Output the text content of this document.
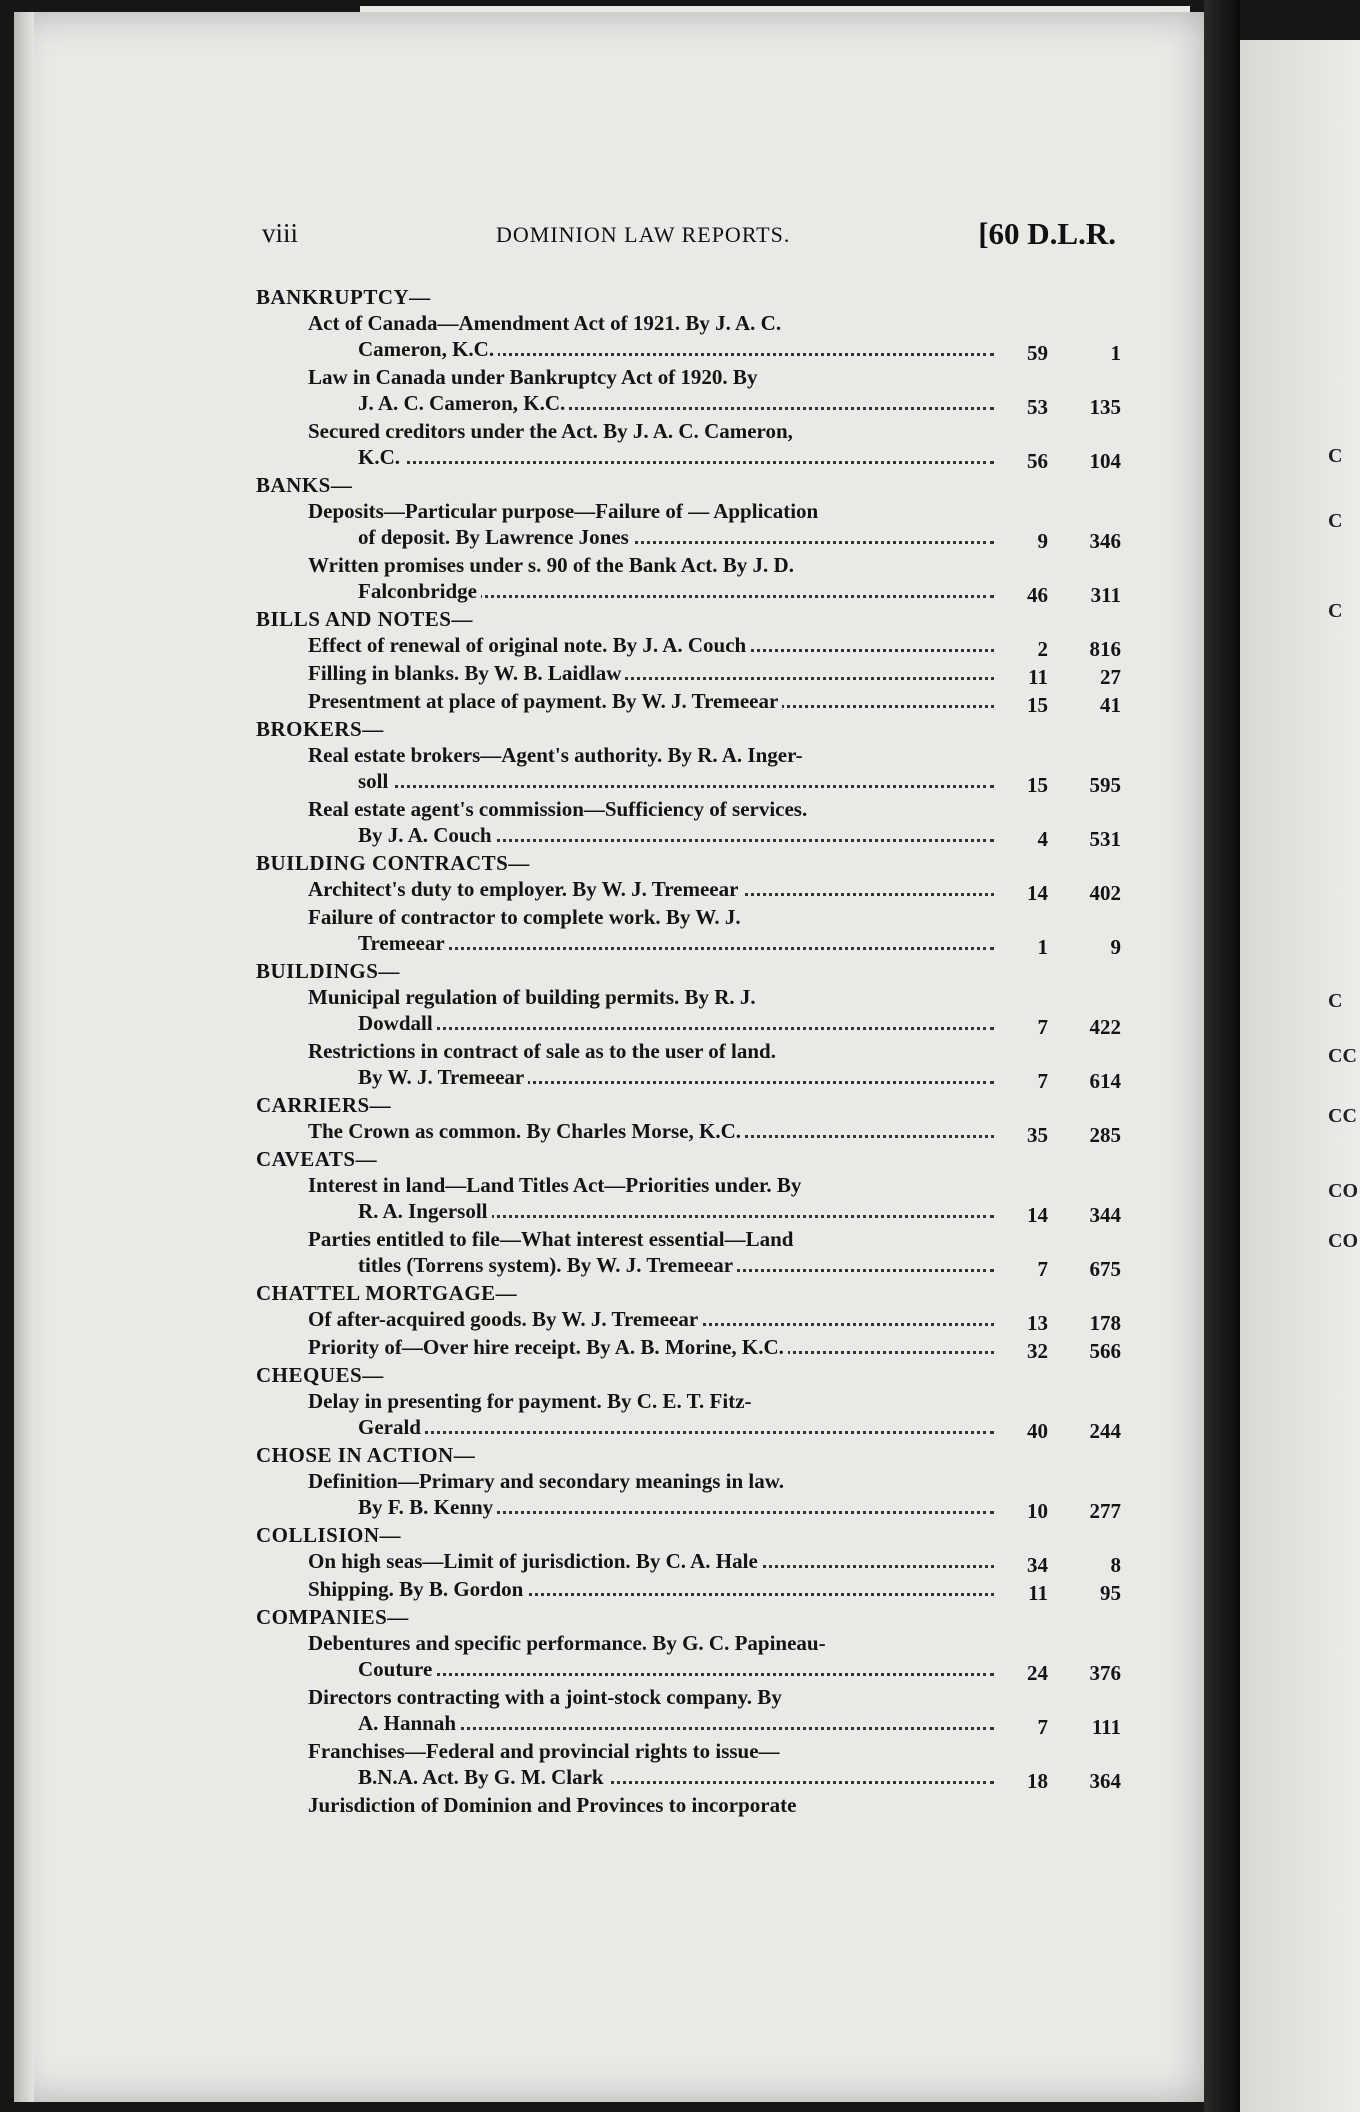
C
C
C
C
CC
CC
CO
CO
viii	DOMINION LAW REPORTS.	[60 D.L.R.
BANKRUPTCY—
Act of Canada—Amendment Act of 1921. By J. A. C.
Cameron, K.C.	59	1
Law in Canada under Bankruptcy Act of 1920. By
J. A. C. Cameron, K.C.	53	135
Secured creditors under the Act. By J. A. C. Cameron,
K.C.	56	104
BANKS—
Deposits—Particular purpose—Failure of — Application
of deposit. By Lawrence Jones	9	346
Written promises under s. 90 of the Bank Act. By J. D.
Falconbridge	46	311
BILLS AND NOTES—
Effect of renewal of original note. By J. A. Couch	2	816
Filling in blanks. By W. B. Laidlaw	11	27
Presentment at place of payment. By W. J. Tremeear	15	41
BROKERS—
Real estate brokers—Agent's authority. By R. A. Inger-
soll	15	595
Real estate agent's commission—Sufficiency of services.
By J. A. Couch	4	531
BUILDING CONTRACTS—
Architect's duty to employer. By W. J. Tremeear	14	402
Failure of contractor to complete work. By W. J.
Tremeear	1	9
BUILDINGS—
Municipal regulation of building permits. By R. J.
Dowdall	7	422
Restrictions in contract of sale as to the user of land.
By W. J. Tremeear	7	614
CARRIERS—
The Crown as common. By Charles Morse, K.C.	35	285
CAVEATS—
Interest in land—Land Titles Act—Priorities under. By
R. A. Ingersoll	14	344
Parties entitled to file—What interest essential—Land
titles (Torrens system). By W. J. Tremeear	7	675
CHATTEL MORTGAGE—
Of after-acquired goods. By W. J. Tremeear	13	178
Priority of—Over hire receipt. By A. B. Morine, K.C.	32	566
CHEQUES—
Delay in presenting for payment. By C. E. T. Fitz-
Gerald	40	244
CHOSE IN ACTION—
Definition—Primary and secondary meanings in law.
By F. B. Kenny	10	277
COLLISION—
On high seas—Limit of jurisdiction. By C. A. Hale	34	8
Shipping. By B. Gordon	11	95
COMPANIES—
Debentures and specific performance. By G. C. Papineau-
Couture	24	376
Directors contracting with a joint-stock company. By
A. Hannah	7	111
Franchises—Federal and provincial rights to issue—
B.N.A. Act. By G. M. Clark	18	364
Jurisdiction of Dominion and Provinces to incorporate
